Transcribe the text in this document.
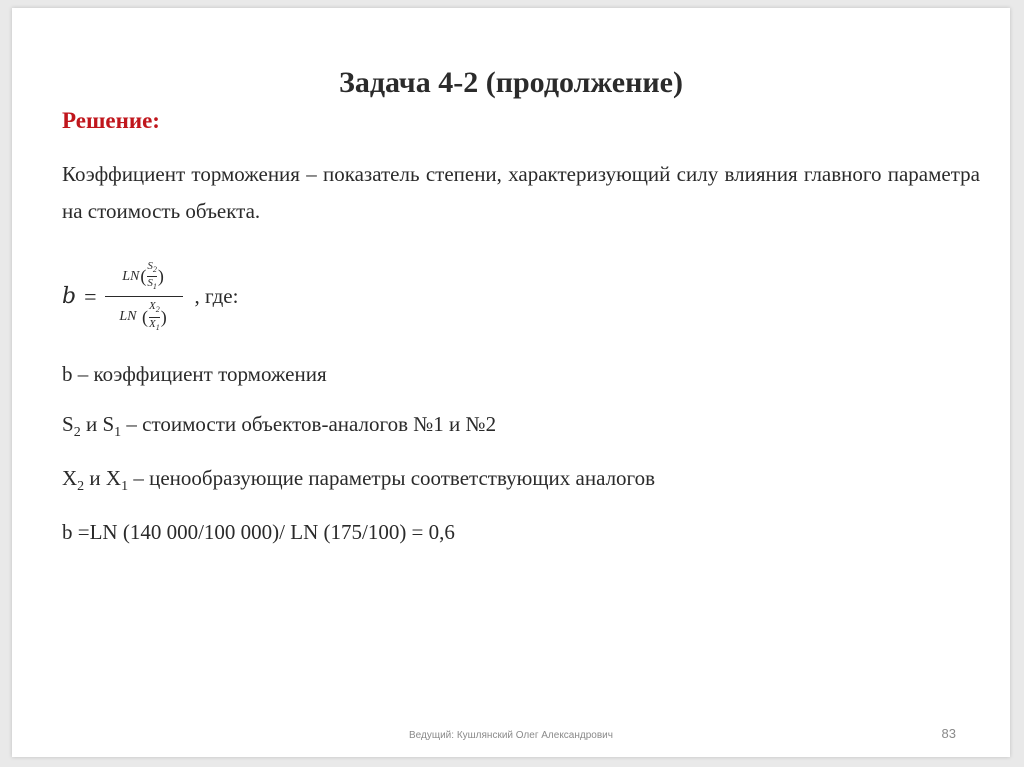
Задача 4-2 (продолжение)
Решение:
Коэффициент торможения – показатель степени, характеризующий силу влияния главного параметра на стоимость объекта.
b =
LN ( $\frac{S_2}{S_1}$ )
LN ( $\frac{X_2}{X_1}$ )
, где:
b – коэффициент торможения
$S_2$ и $S_1$ – стоимости объектов-аналогов №1 и №2
$X_2$ и $X_1$ – ценообразующие параметры соответствующих аналогов
b =LN (140 000/100 000)/ LN (175/100) = 0,6
Ведущий: Кушлянский Олег Александрович	83
